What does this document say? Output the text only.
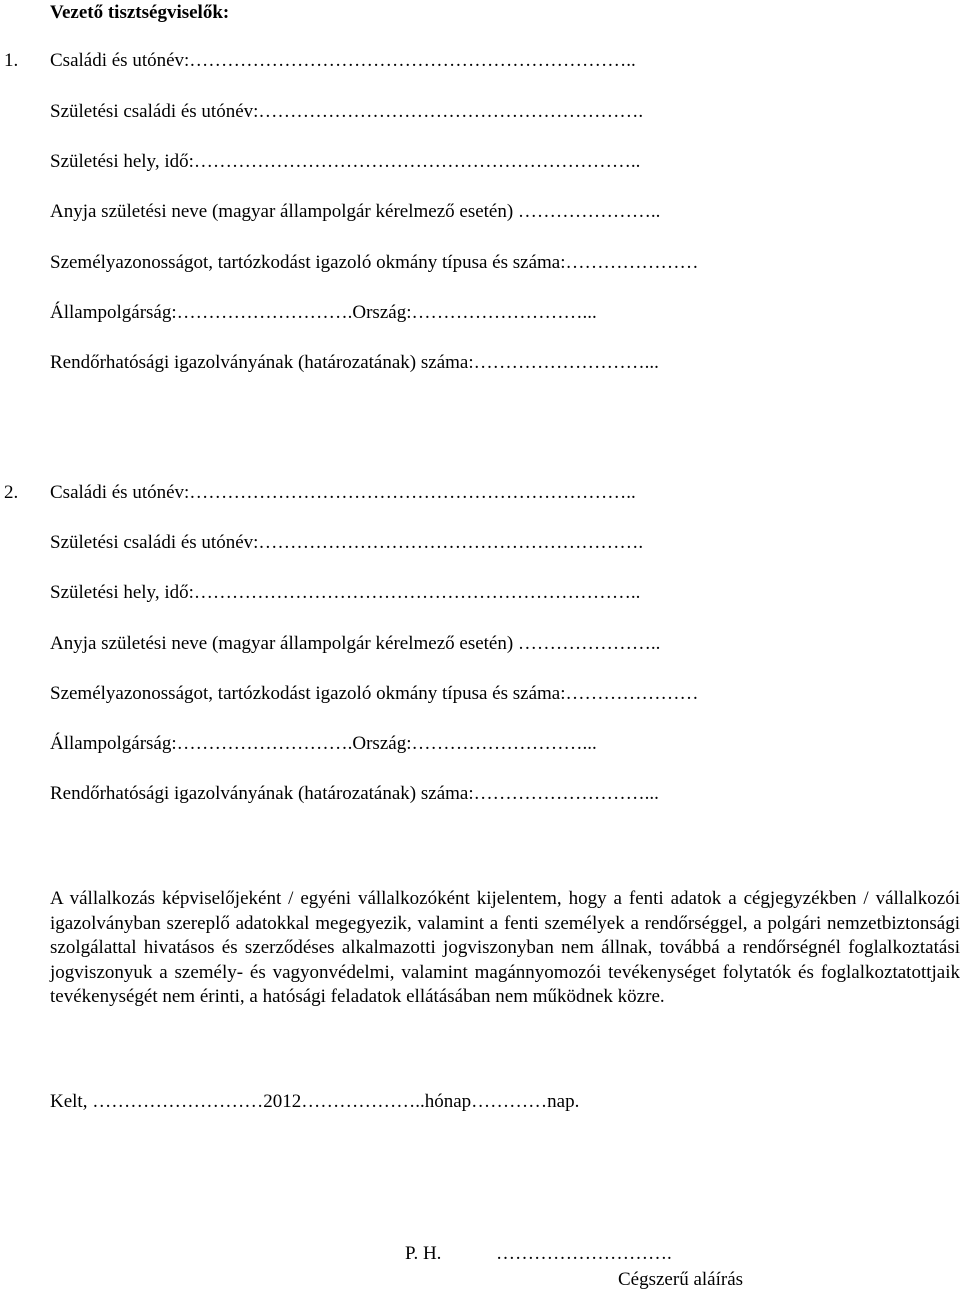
Vezető tisztségviselők:
1. Családi és utónév:……………………………………………………………..
Születési családi és utónév:…………………………………………………….
Születési hely, idő:……………………………………………………………..
Anyja születési neve (magyar állampolgár kérelmező esetén) …………………..
Személyazonosságot, tartózkodást igazoló okmány típusa és száma:…………………
Állampolgárság:……………………….Ország:………………………...
Rendőrhatósági igazolványának (határozatának) száma:………………………...
2. Családi és utónév:……………………………………………………………..
Születési családi és utónév:…………………………………………………….
Születési hely, idő:……………………………………………………………..
Anyja születési neve (magyar állampolgár kérelmező esetén) …………………..
Személyazonosságot, tartózkodást igazoló okmány típusa és száma:…………………
Állampolgárság:……………………….Ország:………………………...
Rendőrhatósági igazolványának (határozatának) száma:………………………...
A vállalkozás képviselőjeként / egyéni vállalkozóként kijelentem, hogy a fenti adatok a cégjegyzékben / vállalkozói igazolványban szereplő adatokkal megegyezik, valamint a fenti személyek a rendőrséggel, a polgári nemzetbiztonsági szolgálattal hivatásos és szerződéses alkalmazotti jogviszonyban nem állnak, továbbá a rendőrségnél foglalkoztatási jogviszonyuk a személy- és vagyonvédelmi, valamint magánnyomozói tevékenységet folytatók és foglalkoztatottjaik tevékenységét nem érinti, a hatósági feladatok ellátásában nem működnek közre.
Kelt, ………………………2012………………..hónap…………nap.
P. H.	……………………….
Cégszerű aláírás
